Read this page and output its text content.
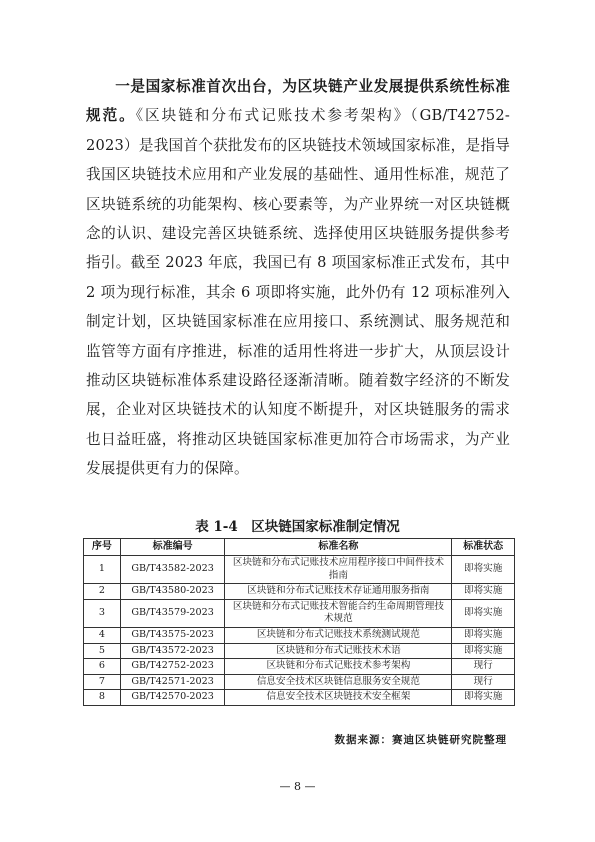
一是国家标准首次出台，为区块链产业发展提供系统性标准规范。《区块链和分布式记账技术参考架构》（GB/T42752-2023）是我国首个获批发布的区块链技术领域国家标准，是指导我国区块链技术应用和产业发展的基础性、通用性标准，规范了区块链系统的功能架构、核心要素等，为产业界统一对区块链概念的认识、建设完善区块链系统、选择使用区块链服务提供参考指引。截至 2023 年底，我国已有 8 项国家标准正式发布，其中 2 项为现行标准，其余 6 项即将实施，此外仍有 12 项标准列入制定计划，区块链国家标准在应用接口、系统测试、服务规范和监管等方面有序推进，标准的适用性将进一步扩大，从顶层设计推动区块链标准体系建设路径逐渐清晰。随着数字经济的不断发展，企业对区块链技术的认知度不断提升，对区块链服务的需求也日益旺盛，将推动区块链国家标准更加符合市场需求，为产业发展提供更有力的保障。

表 1-4　区块链国家标准制定情况
序号	标准编号	标准名称	标准状态
1	GB/T43582-2023	区块链和分布式记账技术应用程序接口中间件技术指南	即将实施
2	GB/T43580-2023	区块链和分布式记账技术存证通用服务指南	即将实施
3	GB/T43579-2023	区块链和分布式记账技术智能合约生命周期管理技术规范	即将实施
4	GB/T43575-2023	区块链和分布式记账技术系统测试规范	即将实施
5	GB/T43572-2023	区块链和分布式记账技术术语	即将实施
6	GB/T42752-2023	区块链和分布式记账技术参考架构	现行
7	GB/T42571-2023	信息安全技术区块链信息服务安全规范	现行
8	GB/T42570-2023	信息安全技术区块链技术安全框架	即将实施
数据来源：赛迪区块链研究院整理
— 8 —
